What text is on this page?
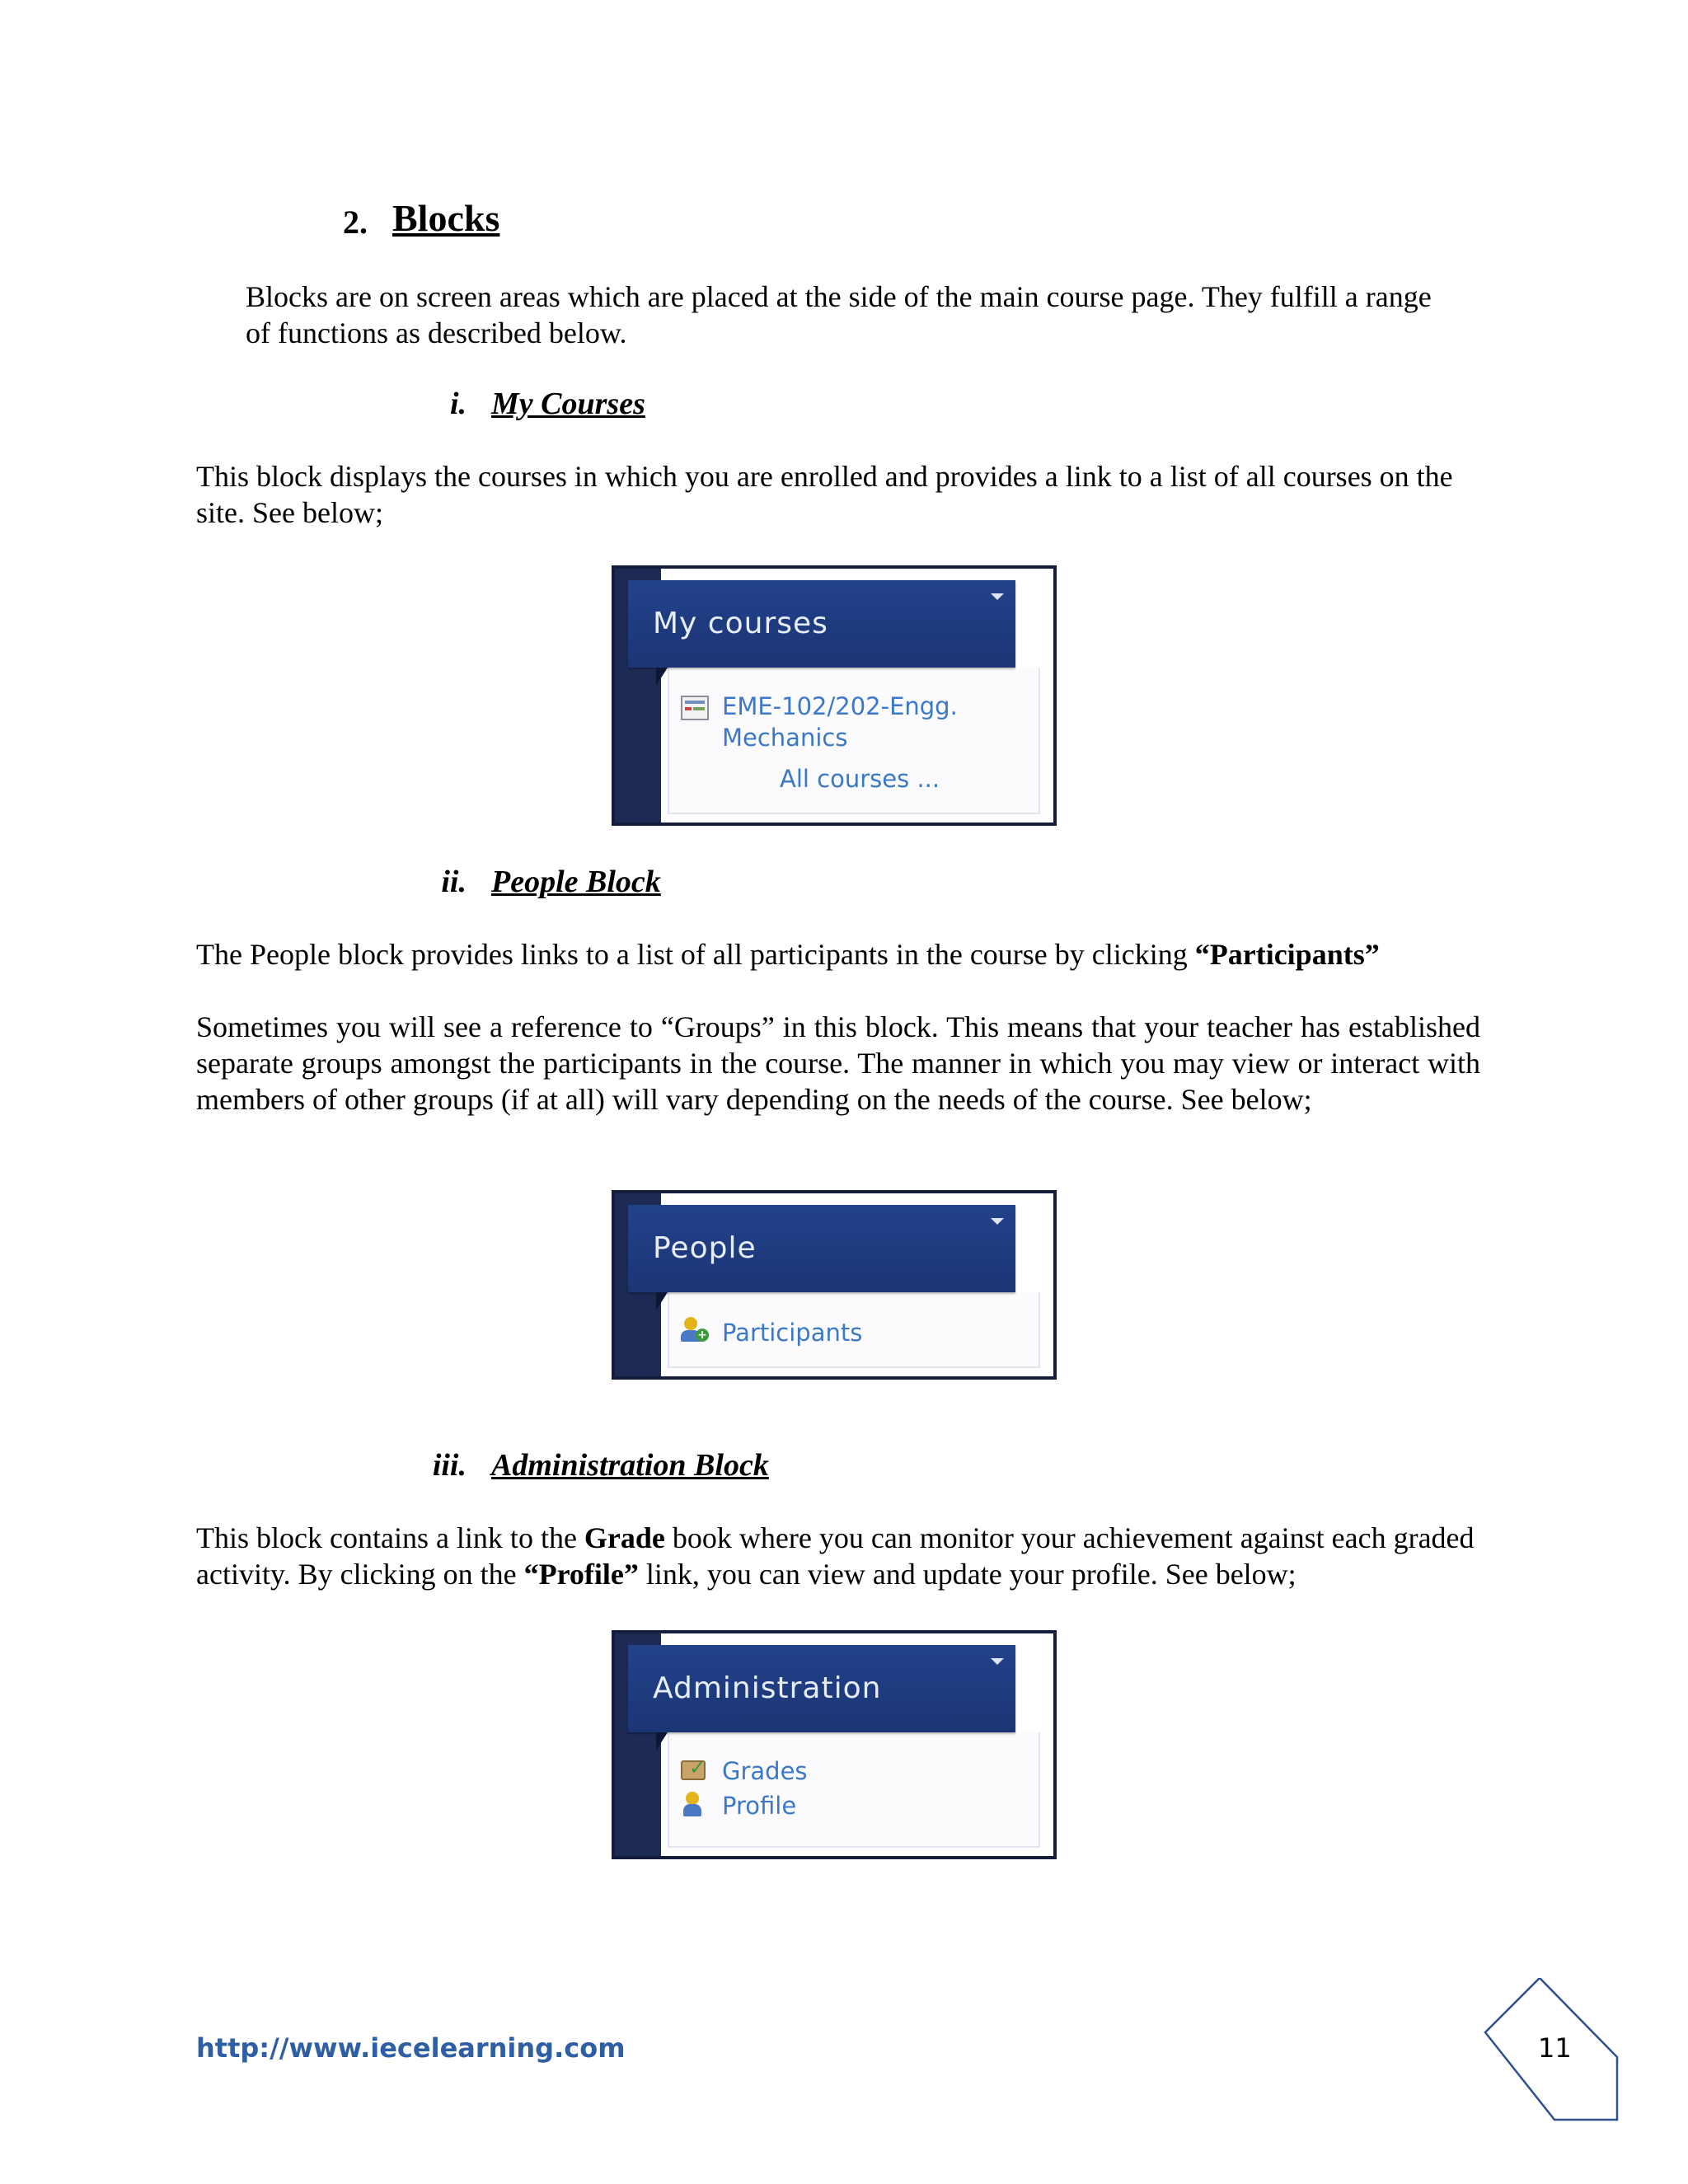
2. Blocks
Blocks are on screen areas which are placed at the side of the main course page. They fulfill a range of functions as described below.
i. My Courses
This block displays the courses in which you are enrolled and provides a link to a list of all courses on the site. See below;
My courses
EME-102/202-Engg. Mechanics
All courses ...
ii. People Block
The People block provides links to a list of all participants in the course by clicking “Participants”
Sometimes you will see a reference to “Groups” in this block. This means that your teacher has established separate groups amongst the participants in the course. The manner in which you may view or interact with members of other groups (if at all) will vary depending on the needs of the course. See below;
People
+ Participants
iii. Administration Block
This block contains a link to the Grade book where you can monitor your achievement against each graded activity. By clicking on the “Profile” link, you can view and update your profile. See below;
Administration
✓ Grades
Profile
http://www.iecelearning.com	11
